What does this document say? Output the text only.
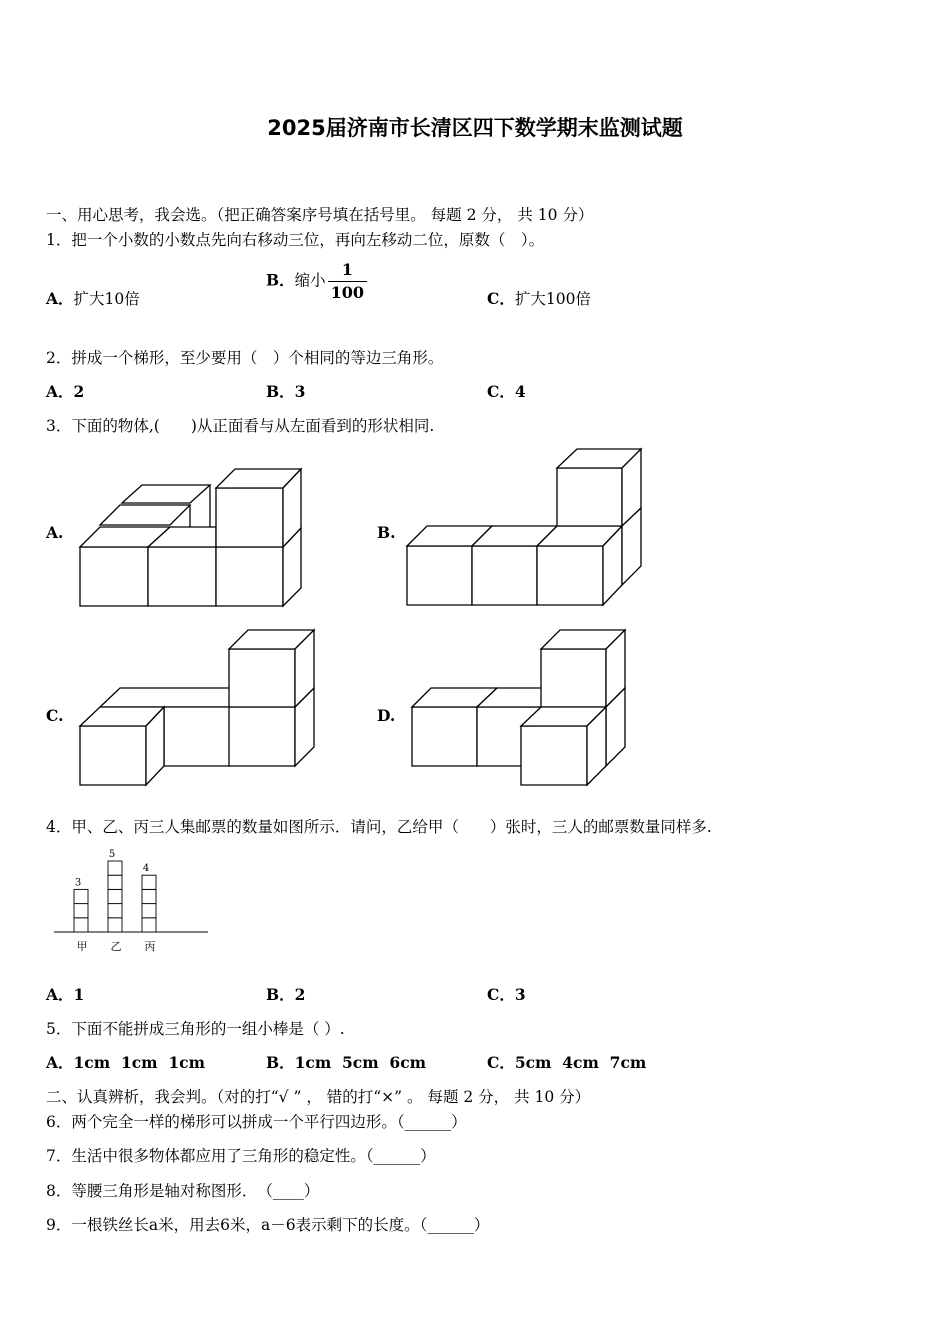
2025届济南市长清区四下数学期末监测试题
一、用心思考，我会选。（把正确答案序号填在括号里。 每题 2 分， 共 10 分）
1．把一个小数的小数点先向右移动三位，再向左移动二位，原数（　）。
A．扩大10倍
B．缩小 $\frac{1}{100}$	C．扩大100倍
2．拼成一个梯形，至少要用（　）个相同的等边三角形。
A．2	B．3	C．4
3．下面的物体,(　　)从正面看与从左面看到的形状相同.
A.	B.
C.	D.
4．甲、乙、丙三人集邮票的数量如图所示．请问，乙给甲（　　）张时，三人的邮票数量同样多.
3
甲
5
乙
4
丙
A．1	B．2	C．3
5．下面不能拼成三角形的一组小棒是（ ）.
A．1cm  1cm  1cm	B．1cm  5cm  6cm	C．5cm  4cm  7cm
二、认真辨析，我会判。（对的打“√ ” ， 错的打“×” 。 每题 2 分， 共 10 分）
6．两个完全一样的梯形可以拼成一个平行四边形。（______）
7．生活中很多物体都应用了三角形的稳定性。（______）
8．等腰三角形是轴对称图形．　（____）
9．一根铁丝长a米，用去6米，a－6表示剩下的长度。（______）
